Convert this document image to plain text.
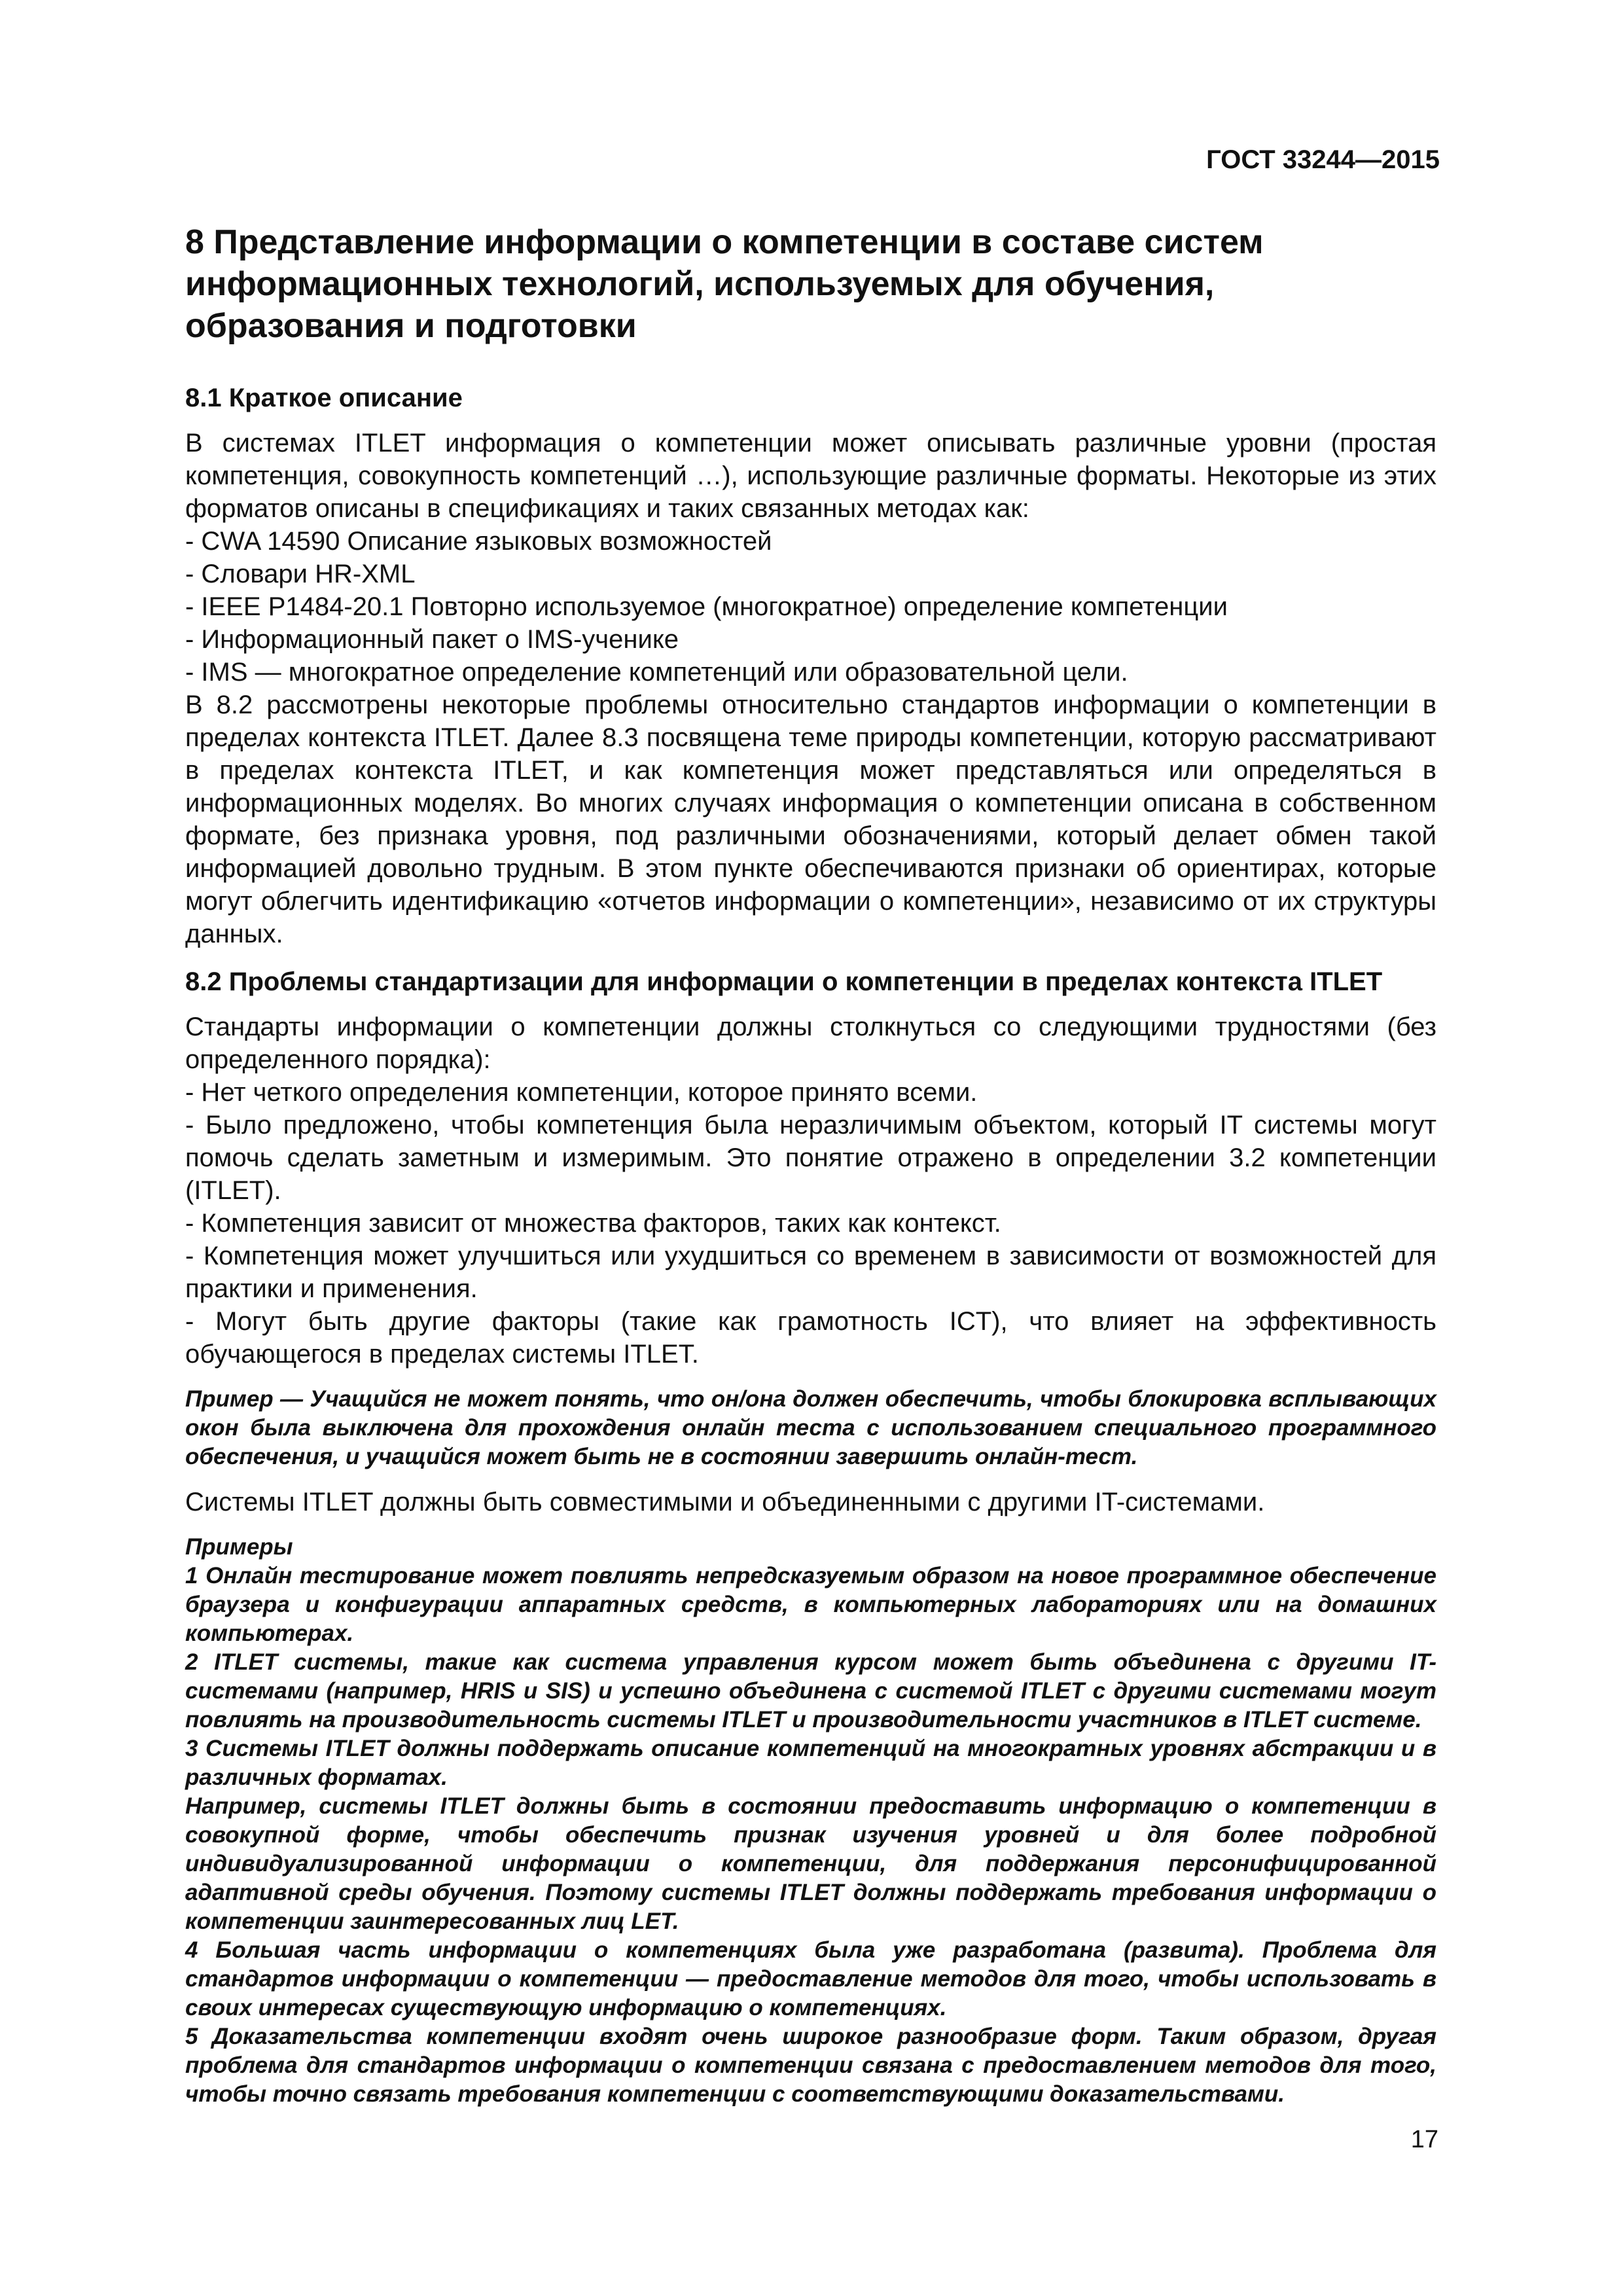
ГОСТ 33244—2015
8 Представление информации о компетенции в составе систем информационных технологий, используемых для обучения, образования и подготовки
8.1 Краткое описание

В системах ITLET информация о компетенции может описывать различные уровни (простая компетенция, совокупность компетенций …), использующие различные форматы. Некоторые из этих форматов описаны в спецификациях и таких связанных методах как:

- CWA 14590 Описание языковых возможностей

- Словари HR-XML

- IEEE P1484-20.1 Повторно используемое (многократное) определение компетенции

- Информационный пакет о IMS-ученике

- IMS — многократное определение компетенций или образовательной цели.

В 8.2 рассмотрены некоторые проблемы относительно стандартов информации о компетенции в пределах контекста ITLET. Далее 8.3 посвящена теме природы компетенции, которую рассматривают в пределах контекста ITLET, и как компетенция может представляться или определяться в информационных моделях. Во многих случаях информация о компетенции описана в собственном формате, без признака уровня, под различными обозначениями, который делает обмен такой информацией довольно трудным. В этом пункте обеспечиваются признаки об ориентирах, которые могут облегчить идентификацию «отчетов информации о компетенции», независимо от их структуры данных.

8.2 Проблемы стандартизации для информации о компетенции в пределах контекста ITLET

Стандарты информации о компетенции должны столкнуться со следующими трудностями (без определенного порядка):

- Нет четкого определения компетенции, которое принято всеми.

- Было предложено, чтобы компетенция была неразличимым объектом, который IT системы могут помочь сделать заметным и измеримым. Это понятие отражено в определении 3.2 компетенции (ITLET).

- Компетенция зависит от множества факторов, таких как контекст.

- Компетенция может улучшиться или ухудшиться со временем в зависимости от возможностей для практики и применения.

- Могут быть другие факторы (такие как грамотность ICT), что влияет на эффективность обучающегося в пределах системы ITLET.

Пример — Учащийся не может понять, что он/она должен обеспечить, чтобы блокировка всплывающих окон была выключена для прохождения онлайн теста с использованием специального программного обеспечения, и учащийся может быть не в состоянии завершить онлайн-тест.

Системы ITLET должны быть совместимыми и объединенными с другими IT-системами.

Примеры

1 Онлайн тестирование может повлиять непредсказуемым образом на новое программное обеспечение браузера и конфигурации аппаратных средств, в компьютерных лабораториях или на домашних компьютерах.

2 ITLET системы, такие как система управления курсом может быть объединена с другими IT-системами (например, HRIS и SIS) и успешно объединена с системой ITLET с другими системами могут повлиять на производительность системы ITLET и производительности участников в ITLET системе.

3 Системы ITLET должны поддержать описание компетенций на многократных уровнях абстракции и в различных форматах.

Например, системы ITLET должны быть в состоянии предоставить информацию о компетенции в совокупной форме, чтобы обеспечить признак изучения уровней и для более подробной индивидуализированной информации о компетенции, для поддержания персонифицированной адаптивной среды обучения. Поэтому системы ITLET должны поддержать требования информации о компетенции заинтересованных лиц LET.

4 Большая часть информации о компетенциях была уже разработана (развита). Проблема для стандартов информации о компетенции — предоставление методов для того, чтобы использовать в своих интересах существующую информацию о компетенциях.

5 Доказательства компетенции входят очень широкое разнообразие форм. Таким образом, другая проблема для стандартов информации о компетенции связана с предоставлением методов для того, чтобы точно связать требования компетенции с соответствующими доказательствами.

17
